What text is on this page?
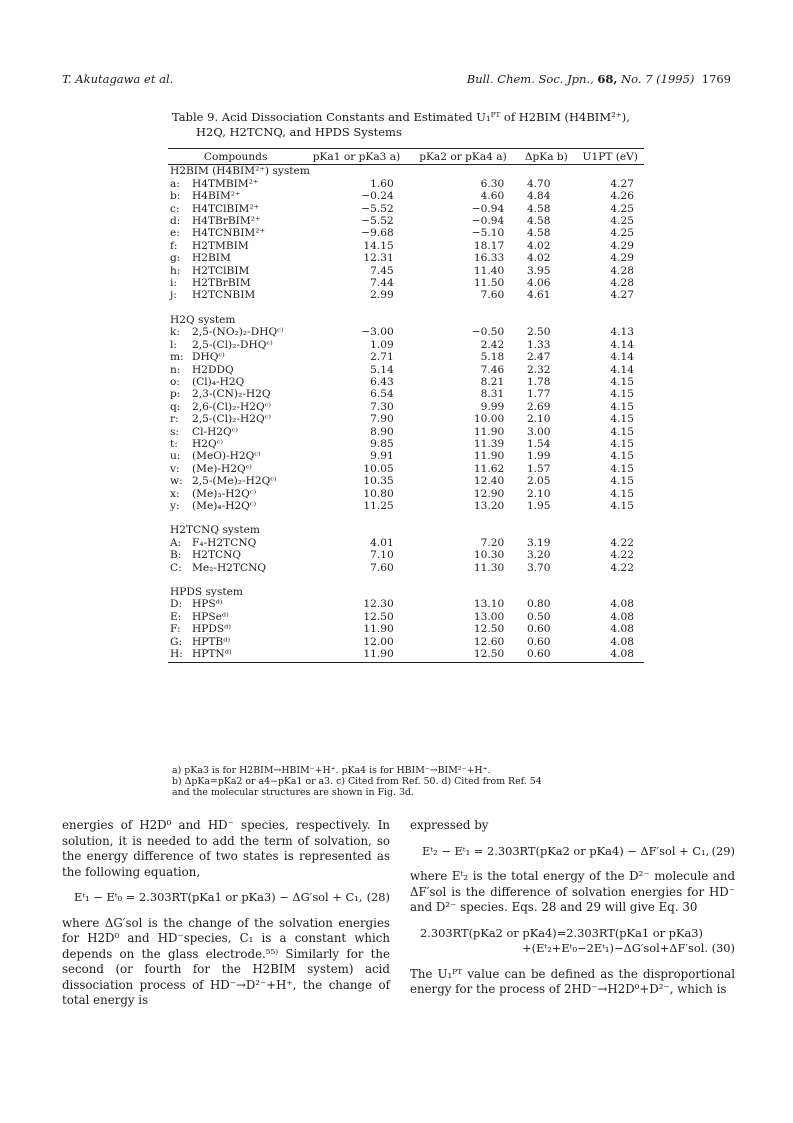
T. Akutagawa et al.	Bull. Chem. Soc. Jpn., 68, No. 7 (1995) 1769
Table 9. Acid Dissociation Constants and Estimated U₁ᴾᵀ of H2BIM (H4BIM²⁺),
H2Q, H2TCNQ, and HPDS Systems
Compounds		pKa1 or pKa3 a)	pKa2 or pKa4 a)	ΔpKa b)	U1PT (eV)
H2BIM (H4BIM²⁺) system					
a:	H4TMBIM²⁺	1.60	6.30	4.70	4.27
b:	H4BIM²⁺	−0.24	4.60	4.84	4.26
c:	H4TClBIM²⁺	−5.52	−0.94	4.58	4.25
d:	H4TBrBIM²⁺	−5.52	−0.94	4.58	4.25
e:	H4TCNBIM²⁺	−9.68	−5.10	4.58	4.25
f:	H2TMBIM	14.15	18.17	4.02	4.29
g:	H2BIM	12.31	16.33	4.02	4.29
h:	H2TClBIM	7.45	11.40	3.95	4.28
i:	H2TBrBIM	7.44	11.50	4.06	4.28
j:	H2TCNBIM	2.99	7.60	4.61	4.27

H2Q system					
k:	2,5-(NO₂)₂-DHQᶜ⁾	−3.00	−0.50	2.50	4.13
l:	2,5-(Cl)₂-DHQᶜ⁾	1.09	2.42	1.33	4.14
m:	DHQᶜ⁾	2.71	5.18	2.47	4.14
n:	H2DDQ	5.14	7.46	2.32	4.14
o:	(Cl)₄-H2Q	6.43	8.21	1.78	4.15
p:	2,3-(CN)₂-H2Q	6.54	8.31	1.77	4.15
q:	2,6-(Cl)₂-H2Qᶜ⁾	7.30	9.99	2.69	4.15
r:	2,5-(Cl)₂-H2Qᶜ⁾	7.90	10.00	2.10	4.15
s:	Cl-H2Qᶜ⁾	8.90	11.90	3.00	4.15
t:	H2Qᶜ⁾	9.85	11.39	1.54	4.15
u:	(MeO)-H2Qᶜ⁾	9.91	11.90	1.99	4.15
v:	(Me)-H2Qᶜ⁾	10.05	11.62	1.57	4.15
w:	2,5-(Me)₂-H2Qᶜ⁾	10.35	12.40	2.05	4.15
x:	(Me)₃-H2Qᶜ⁾	10.80	12.90	2.10	4.15
y:	(Me)₄-H2Qᶜ⁾	11.25	13.20	1.95	4.15

H2TCNQ system					
A:	F₄-H2TCNQ	4.01	7.20	3.19	4.22
B:	H2TCNQ	7.10	10.30	3.20	4.22
C:	Me₂-H2TCNQ	7.60	11.30	3.70	4.22

HPDS system					
D:	HPSᵈ⁾	12.30	13.10	0.80	4.08
E:	HPSeᵈ⁾	12.50	13.00	0.50	4.08
F:	HPDSᵈ⁾	11.90	12.50	0.60	4.08
G:	HPTBᵈ⁾	12.00	12.60	0.60	4.08
H:	HPTNᵈ⁾	11.90	12.50	0.60	4.08
a) pKa3 is for H2BIM→HBIM⁻+H⁺. pKa4 is for HBIM⁻→BIM²⁻+H⁺.
b) ΔpKa=pKa2 or a4−pKa1 or a3. c) Cited from Ref. 50. d) Cited from Ref. 54
and the molecular structures are shown in Fig. 3d.

energies of H2D⁰ and HD⁻ species, respectively. In solution, it is needed to add the term of solvation, so the energy difference of two states is represented as the following equation,

Eᵗ₁ − Eᵗ₀ = 2.303RT(pKa1 or pKa3) − ΔG′sol + C₁, (28)

where ΔG′sol is the change of the solvation energies for H2D⁰ and HD⁻species, C₁ is a constant which depends on the glass electrode.⁵⁵⁾ Similarly for the second (or fourth for the H2BIM system) acid dissociation process of HD⁻→D²⁻+H⁺, the change of total energy is

expressed by

Eᵗ₂ − Eᵗ₁ = 2.303RT(pKa2 or pKa4) − ΔF′sol + C₁, (29)

where Eᵗ₂ is the total energy of the D²⁻ molecule and ΔF′sol is the difference of solvation energies for HD⁻ and D²⁻ species. Eqs. 28 and 29 will give Eq. 30

2.303RT(pKa2 or pKa4)=2.303RT(pKa1 or pKa3)
+(Eᵗ₂+Eᵗ₀−2Eᵗ₁)−ΔG′sol+ΔF′sol. (30)

The U₁ᴾᵀ value can be defined as the disproportional energy for the process of 2HD⁻→H2D⁰+D²⁻, which is
